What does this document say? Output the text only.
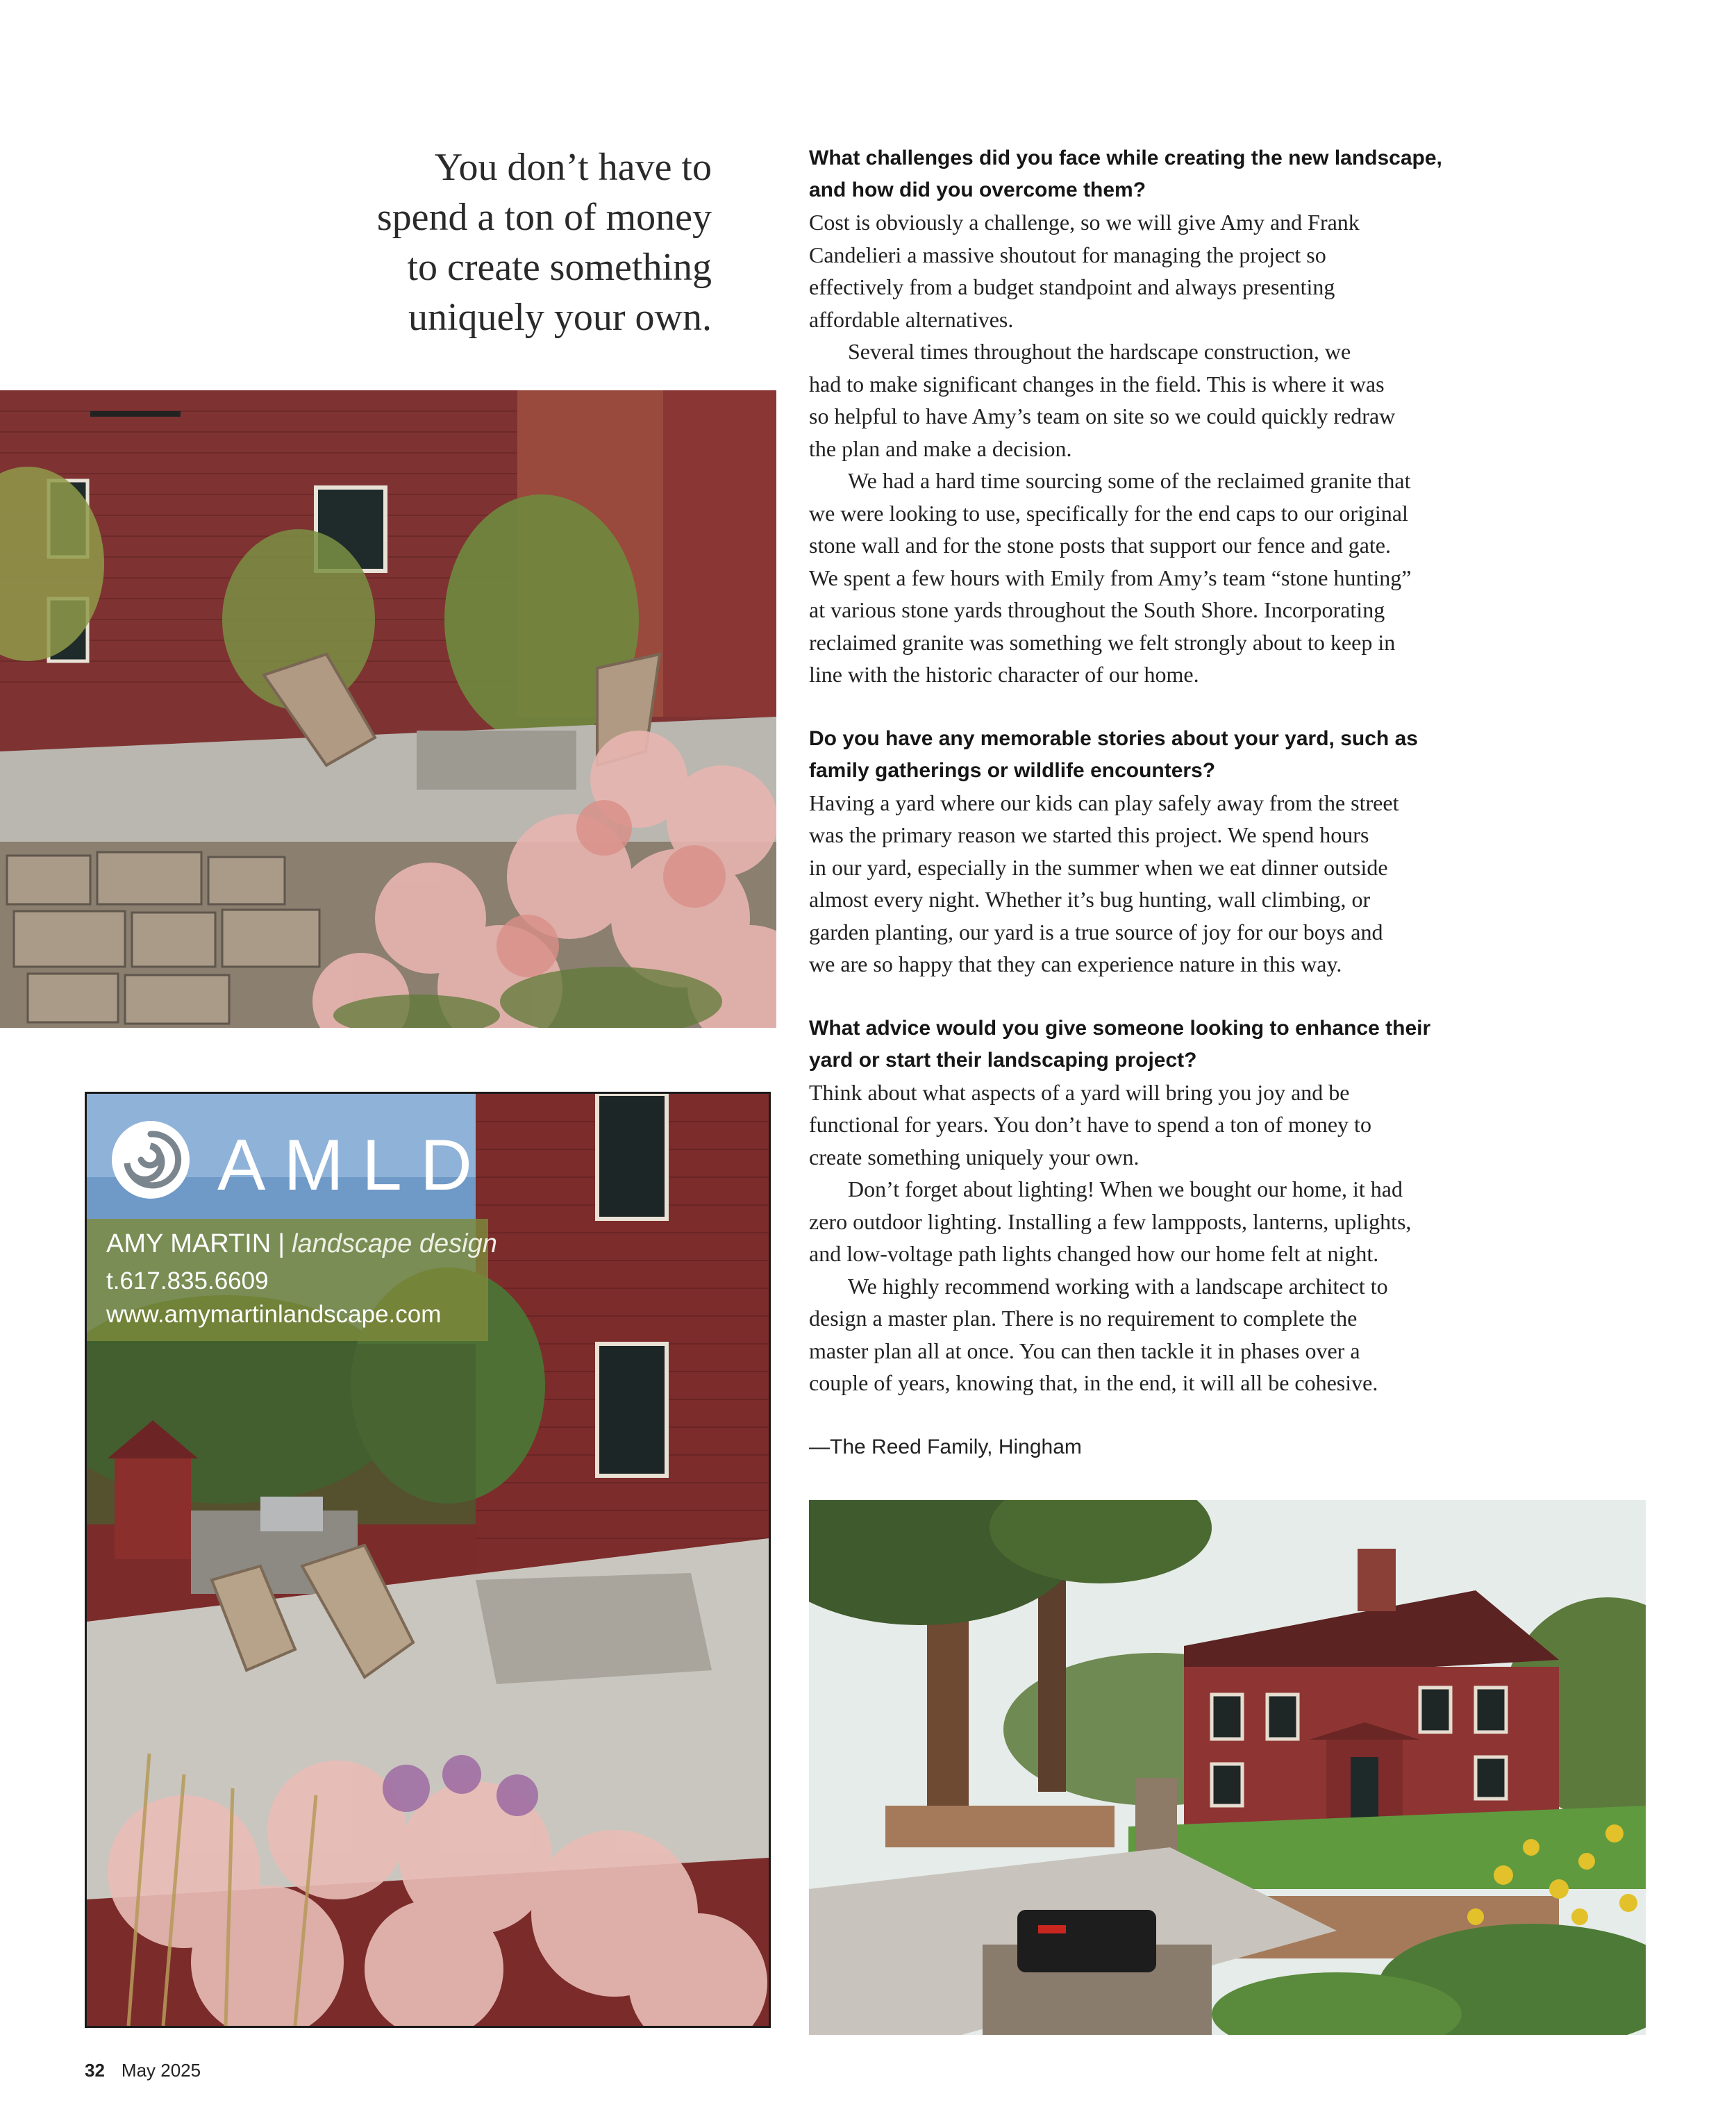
You don’t have to
spend a ton of money
to create something
uniquely your own.
What challenges did you face while creating the new landscape,
and how did you overcome them?
Cost is obviously a challenge, so we will give Amy and Frank
Candelieri a massive shoutout for managing the project so
effectively from a budget standpoint and always presenting
affordable alternatives.
Several times throughout the hardscape construction, we
had to make significant changes in the field. This is where it was
so helpful to have Amy’s team on site so we could quickly redraw
the plan and make a decision.
We had a hard time sourcing some of the reclaimed granite that
we were looking to use, specifically for the end caps to our original
stone wall and for the stone posts that support our fence and gate.
We spent a few hours with Emily from Amy’s team “stone hunting”
at various stone yards throughout the South Shore. Incorporating
reclaimed granite was something we felt strongly about to keep in
line with the historic character of our home.
Do you have any memorable stories about your yard, such as
family gatherings or wildlife encounters?
Having a yard where our kids can play safely away from the street
was the primary reason we started this project. We spend hours
in our yard, especially in the summer when we eat dinner outside
almost every night. Whether it’s bug hunting, wall climbing, or
garden planting, our yard is a true source of joy for our boys and
we are so happy that they can experience nature in this way.
What advice would you give someone looking to enhance their
yard or start their landscaping project?
Think about what aspects of a yard will bring you joy and be
functional for years. You don’t have to spend a ton of money to
create something uniquely your own.
Don’t forget about lighting! When we bought our home, it had
zero outdoor lighting. Installing a few lampposts, lanterns, uplights,
and low-voltage path lights changed how our home felt at night.
We highly recommend working with a landscape architect to
design a master plan. There is no requirement to complete the
master plan all at once. You can then tackle it in phases over a
couple of years, knowing that, in the end, it will all be cohesive.
—The Reed Family, Hingham
AMLD
AMY MARTIN | landscape design
t.617.835.6609
www.amymartinlandscape.com
32 May 2025
